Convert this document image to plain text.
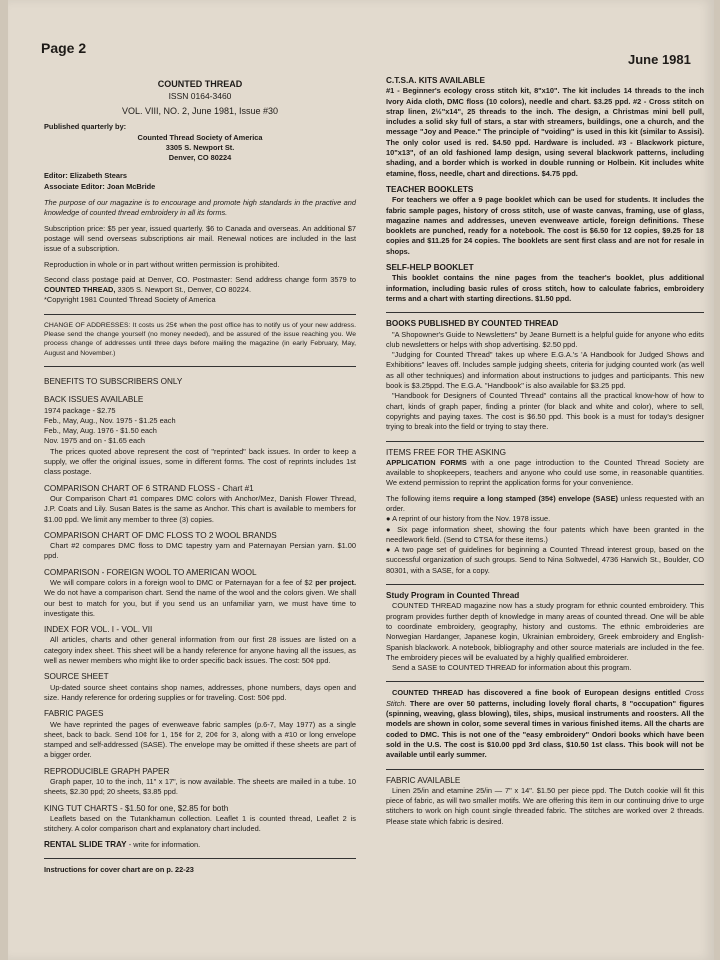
Page 2
June 1981
COUNTED THREAD
ISSN 0164-3460
VOL. VIII, NO. 2, June 1981, Issue #30
Published quarterly by:
Counted Thread Society of America
3305 S. Newport St.
Denver, CO 80224
Editor: Elizabeth Stears
Associate Editor: Joan McBride

The purpose of our magazine is to encourage and promote high standards in the practive and knowledge of counted thread embroidery in all its forms.

Subscription price: $5 per year, issued quarterly. $6 to Canada and overseas. An additional $7 postage will send overseas subscriptions air mail. Renewal notices are included in the last issue of a subscription.

Reproduction in whole or in part without written permission is prohibited.

Second class postage paid at Denver, CO. Postmaster: Send address change form 3579 to COUNTED THREAD, 3305 S. Newport St., Denver, CO 80224.

*Copyright 1981 Counted Thread Society of America

CHANGE OF ADDRESSES: It costs us 25¢ when the post office has to notify us of your new address. Please send the change yourself (no money needed), and be assured of the issue reaching you. We process change of addresses until three days before mailing the magazine (in early February, May, August and November.)

BENEFITS TO SUBSCRIBERS ONLY
BACK ISSUES AVAILABLE
1974 package - $2.75
Feb., May, Aug., Nov. 1975 - $1.25 each
Feb., May, Aug. 1976 - $1.50 each
Nov. 1975 and on - $1.65 each

The prices quoted above represent the cost of "reprinted" back issues. In order to keep a supply, we offer the original issues, some in different forms. The cost of reprints includes 1st class postage.

COMPARISON CHART OF 6 STRAND FLOSS - Chart #1

Our Comparison Chart #1 compares DMC colors with Anchor/Mez, Danish Flower Thread, J.P. Coats and Lily. Susan Bates is the same as Anchor. This chart is available to members for $1.00 ppd. We limit any member to three (3) copies.

COMPARISON CHART OF DMC FLOSS TO 2 WOOL BRANDS

Chart #2 compares DMC floss to DMC tapestry yarn and Paternayan Persian yarn. $1.00 ppd.

COMPARISON - FOREIGN WOOL TO AMERICAN WOOL

We will compare colors in a foreign wool to DMC or Paternayan for a fee of $2 per project. We do not have a comparison chart. Send the name of the wool and the colors given. We shall our best to match for you, but if you send us an unfamiliar yarn, we must have time to investigate this.

INDEX FOR VOL. I - VOL. VII

All articles, charts and other general information from our first 28 issues are listed on a category index sheet. This sheet will be a handy reference for anyone having all the issues, as well as newer members who might like to order specific back issues. The cost: 50¢ ppd.

SOURCE SHEET

Up-dated source sheet contains shop names, addresses, phone numbers, days open and size. Handy reference for ordering supplies or for traveling. Cost: 50¢ ppd.

FABRIC PAGES

We have reprinted the pages of evenweave fabric samples (p.6-7, May 1977) as a single sheet, back to back. Send 10¢ for 1, 15¢ for 2, 20¢ for 3, along with a #10 or long envelope stamped and self-addressed (SASE). The envelope may be omitted if these sheets are part of a bigger order.

REPRODUCIBLE GRAPH PAPER

Graph paper, 10 to the inch, 11" x 17", is now available. The sheets are mailed in a tube. 10 sheets, $2.30 ppd; 20 sheets, $3.85 ppd.

KING TUT CHARTS - $1.50 for one, $2.85 for both

Leaflets based on the Tutankhamun collection. Leaflet 1 is counted thread, Leaflet 2 is stitchery. A color comparison chart and explanatory chart included.

RENTAL SLIDE TRAY - write for information.
Instructions for cover chart are on p. 22-23
C.T.S.A. KITS AVAILABLE

#1 - Beginner's ecology cross stitch kit, 8"x10". The kit includes 14 threads to the inch Ivory Aida cloth, DMC floss (10 colors), needle and chart. $3.25 ppd. #2 - Cross stitch on strap linen, 2½"x14", 25 threads to the inch. The design, a Christmas mini bell pull, includes a solid sky full of stars, a star with streamers, buildings, one a church, and the message "Joy and Peace." The principle of "voiding" is used in this kit (similar to Assisi). The only color used is red. $4.50 ppd. Hardware is included. #3 - Blackwork picture, 10"x13", of an old fashioned lamp design, using several blackwork patterns, including shading, and a border which is worked in double running or Holbein. Kit includes white etamine, floss, needle, chart and directions. $4.75 ppd.

TEACHER BOOKLETS

For teachers we offer a 9 page booklet which can be used for students. It includes the fabric sample pages, history of cross stitch, use of waste canvas, framing, use of glass, magazine names and addresses, uneven evenweave article, foreign definitions. These booklets are punched, ready for a notebook. The cost is $6.50 for 12 copies, $9.25 for 18 copies and $11.25 for 24 copies. The booklets are sent first class and are not for resale in shops.

SELF-HELP BOOKLET

This booklet contains the nine pages from the teacher's booklet, plus additional information, including basic rules of cross stitch, how to calculate fabrics, embroidery terms and a chart with starting directions. $1.50 ppd.

BOOKS PUBLISHED BY COUNTED THREAD

"A Shopowner's Guide to Newsletters" by Jeane Burnett is a helpful guide for anyone who edits club newsletters or helps with shop advertising. $2.50 ppd.

"Judging for Counted Thread" takes up where E.G.A.'s 'A Handbook for Judged Shows and Exhibitions" leaves off. Includes sample judging sheets, criteria for judging counted work (as well as all other techniques) and information about instructions to judges and participants. This new book is $3.25ppd. The E.G.A. "Handbook" is also available for $3.25 ppd.

"Handbook for Designers of Counted Thread" contains all the practical know-how of how to chart, kinds of graph paper, finding a printer (for black and white and color), where to sell, copyrights and paying taxes. The cost is $6.50 ppd. This book is a must for today's designer trying to break into the field or trying to stay there.

ITEMS FREE FOR THE ASKING

APPLICATION FORMS with a one page introduction to the Counted Thread Society are available to shopkeepers, teachers and anyone who could use some, in reasonable quantities. We extend permission to reprint the application forms for your convenience.

The following items require a long stamped (35¢) envelope (SASE) unless requested with an order.

● A reprint of our history from the Nov. 1978 issue.

● Six page information sheet, showing the four patents which have been granted in the needlework field. (Send to CTSA for these items.)

● A two page set of guidelines for beginning a Counted Thread interest group, based on the successful organization of such groups. Send to Nina Soltwedel, 4736 Harwich St., Boulder, CO 80301, with a SASE, for a copy.

Study Program in Counted Thread

COUNTED THREAD magazine now has a study program for ethnic counted embroidery. This program provides further depth of knowledge in many areas of counted thread. One will be able to coordinate embroidery, geography, history and customs. The ethnic embroideries are Norwegian Hardanger, Japanese kogin, Ukrainian embroidery, Greek embroidery and English-Spanish blackwork. A notebook, bibliography and other source materials are included in the fee. The embroidery pieces will be evaluated by a highly qualified embroiderer.

Send a SASE to COUNTED THREAD for information about this program.

COUNTED THREAD has discovered a fine book of European designs entitled Cross Stitch. There are over 50 patterns, including lovely floral charts, 8 "occupation" figures (spinning, weaving, glass blowing), tiles, ships, musical instruments and roosters. All the models are shown in color, some several times in various finished items. All the charts are coded to DMC. This is not one of the "easy embroidery" Ondori books which have been sold in the U.S. The cost is $10.00 ppd 3rd class, $10.50 1st class. This book will not be available until early summer.

FABRIC AVAILABLE

Linen 25/in and etamine 25/in — 7" x 14". $1.50 per piece ppd. The Dutch cookie will fit this piece of fabric, as will two smaller motifs. We are offering this item in our continuing drive to urge stitchers to work on high count single threaded fabric. The stitches are worked over 2 threads. Please state which fabric is desired.
